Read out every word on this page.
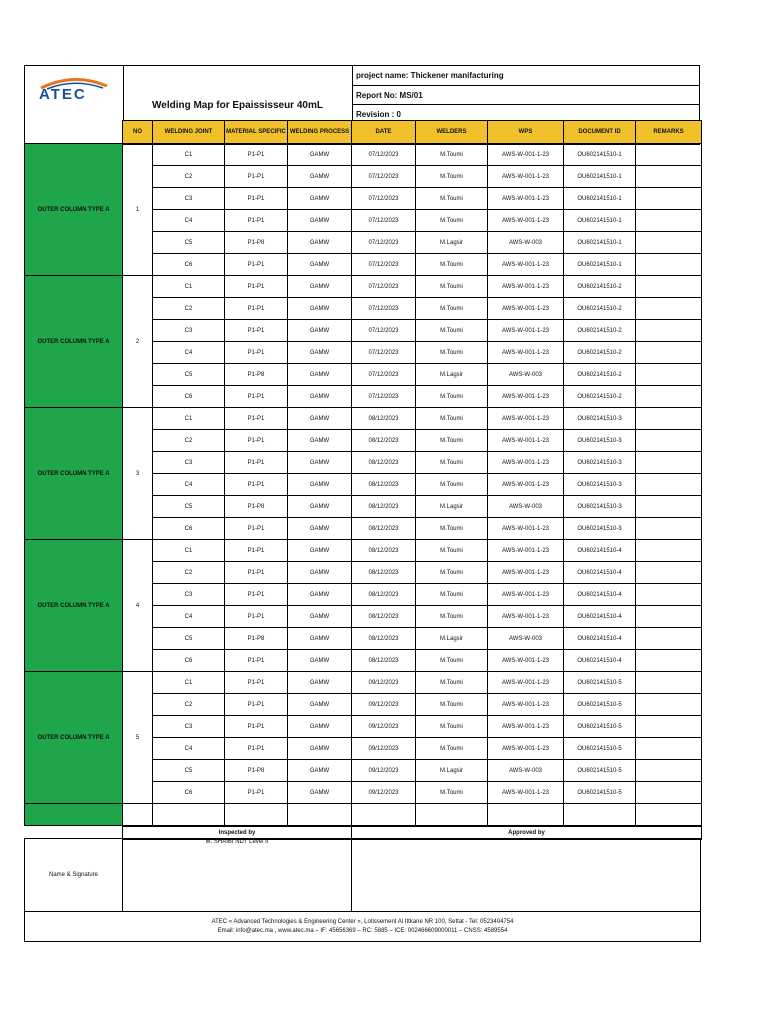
ATEC
Welding Map for Epaississeur 40mL
project name: Thickener manifacturing
Report No: MS/01
Revision : 0
	NO	WELDING JOINT	MATERIAL SPECIFIC	WELDING PROCESS	DATE	WELDERS	WPS	DOCUMENT ID	REMARKS
OUTER COLUMN TYPE A	1	C1	P1-P1	GAMW	07/12/2023	M.Toumi	AWS-W-001-1-23	OU602141510-1	
		C2	P1-P1	GAMW	07/12/2023	M.Toumi	AWS-W-001-1-23	OU602141510-1	
		C3	P1-P1	GAMW	07/12/2023	M.Toumi	AWS-W-001-1-23	OU602141510-1	
		C4	P1-P1	GAMW	07/12/2023	M.Toumi	AWS-W-001-1-23	OU602141510-1	
		C5	P1-P8	GAMW	07/12/2023	M.Lagsir	AWS-W-003	OU602141510-1	
		C6	P1-P1	GAMW	07/12/2023	M.Toumi	AWS-W-001-1-23	OU602141510-1	
OUTER COLUMN TYPE A	2	C1	P1-P1	GAMW	07/12/2023	M.Toumi	AWS-W-001-1-23	OU602141510-2	
		C2	P1-P1	GAMW	07/12/2023	M.Toumi	AWS-W-001-1-23	OU602141510-2	
		C3	P1-P1	GAMW	07/12/2023	M.Toumi	AWS-W-001-1-23	OU602141510-2	
		C4	P1-P1	GAMW	07/12/2023	M.Toumi	AWS-W-001-1-23	OU602141510-2	
		C5	P1-P8	GAMW	07/12/2023	M.Lagsir	AWS-W-003	OU602141510-2	
		C6	P1-P1	GAMW	07/12/2023	M.Toumi	AWS-W-001-1-23	OU602141510-2	
OUTER COLUMN TYPE A	3	C1	P1-P1	GAMW	08/12/2023	M.Toumi	AWS-W-001-1-23	OU602141510-3	
		C2	P1-P1	GAMW	08/12/2023	M.Toumi	AWS-W-001-1-23	OU602141510-3	
		C3	P1-P1	GAMW	08/12/2023	M.Toumi	AWS-W-001-1-23	OU602141510-3	
		C4	P1-P1	GAMW	08/12/2023	M.Toumi	AWS-W-001-1-23	OU602141510-3	
		C5	P1-P8	GAMW	08/12/2023	M.Lagsir	AWS-W-003	OU602141510-3	
		C6	P1-P1	GAMW	08/12/2023	M.Toumi	AWS-W-001-1-23	OU602141510-3	
OUTER COLUMN TYPE A	4	C1	P1-P1	GAMW	08/12/2023	M.Toumi	AWS-W-001-1-23	OU602141510-4	
		C2	P1-P1	GAMW	08/12/2023	M.Toumi	AWS-W-001-1-23	OU602141510-4	
		C3	P1-P1	GAMW	08/12/2023	M.Toumi	AWS-W-001-1-23	OU602141510-4	
		C4	P1-P1	GAMW	08/12/2023	M.Toumi	AWS-W-001-1-23	OU602141510-4	
		C5	P1-P8	GAMW	08/12/2023	M.Lagsir	AWS-W-003	OU602141510-4	
		C6	P1-P1	GAMW	08/12/2023	M.Toumi	AWS-W-001-1-23	OU602141510-4	
OUTER COLUMN TYPE A	5	C1	P1-P1	GAMW	09/12/2023	M.Toumi	AWS-W-001-1-23	OU602141510-5	
		C2	P1-P1	GAMW	09/12/2023	M.Toumi	AWS-W-001-1-23	OU602141510-5	
		C3	P1-P1	GAMW	09/12/2023	M.Toumi	AWS-W-001-1-23	OU602141510-5	
		C4	P1-P1	GAMW	09/12/2023	M.Toumi	AWS-W-001-1-23	OU602141510-5	
		C5	P1-P8	GAMW	09/12/2023	M.Lagsir	AWS-W-003	OU602141510-5	
		C6	P1-P1	GAMW	09/12/2023	M.Toumi	AWS-W-001-1-23	OU602141510-5	

Inspected by	Approved by
Name & Signature
M. SHAIBI NDT Level II
ATEC « Advanced Technologies & Engineering Center », Lotissement Al Ittkane NR 100, Settat - Tel: 0523404754
Email: info@atec.ma , www.atec.ma – IF: 45656369 – RC: 5885 – ICE: 002466609000011 – CNSS: 4589554
